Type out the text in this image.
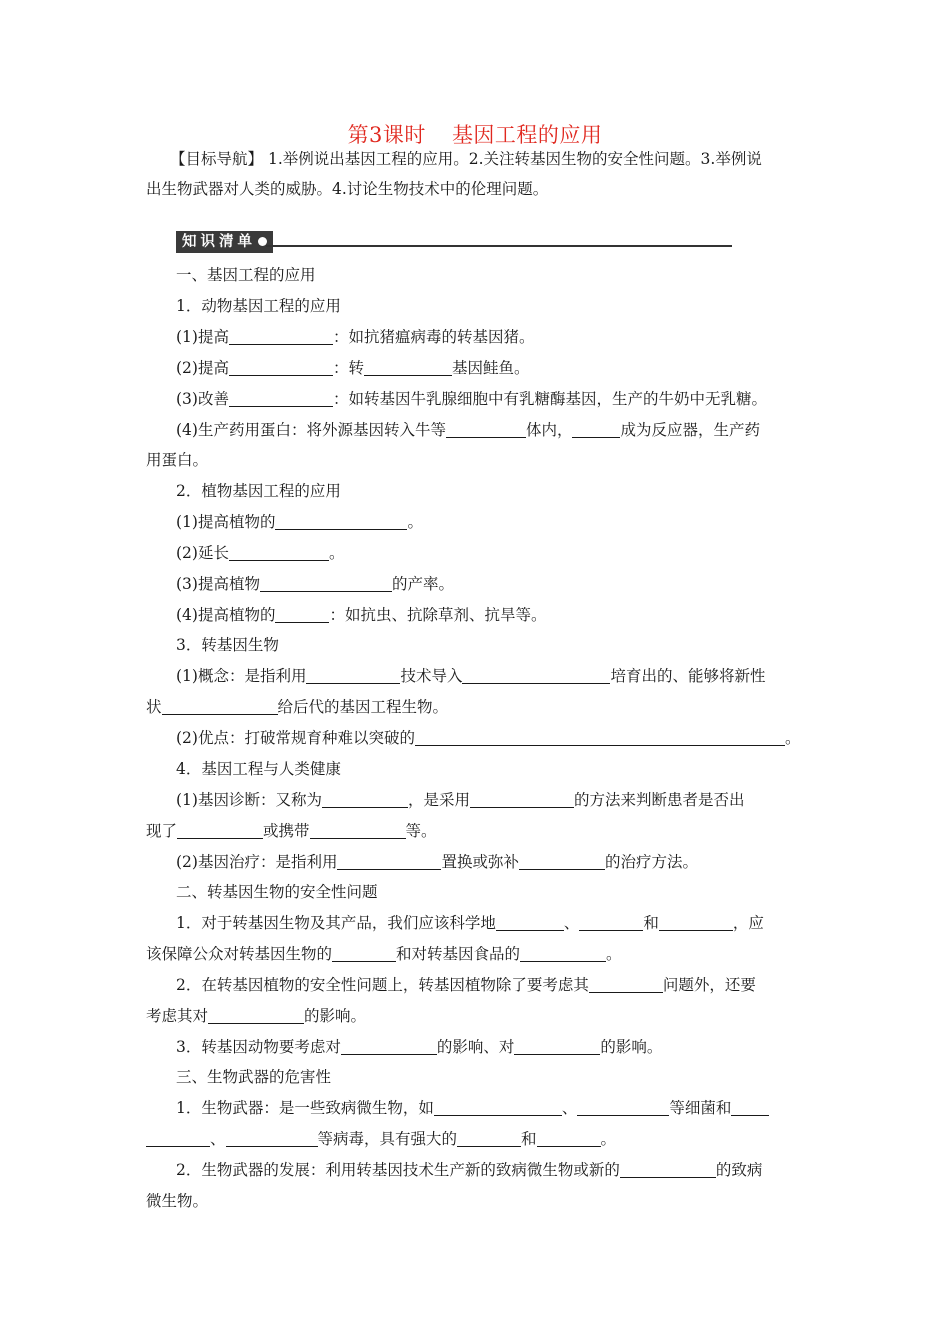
第3课时 基因工程的应用
【目标导航】 1.举例说出基因工程的应用。2.关注转基因生物的安全性问题。3.举例说
出生物武器对人类的威胁。4.讨论生物技术中的伦理问题。
知识清单
一、基因工程的应用
1．动物基因工程的应用
(1)提高	：如抗猪瘟病毒的转基因猪。
(2)提高	：转	基因鲑鱼。
(3)改善	：如转基因牛乳腺细胞中有乳糖酶基因，生产的牛奶中无乳糖。
(4)生产药用蛋白：将外源基因转入牛等	体内，	成为反应器，生产药
用蛋白。
2．植物基因工程的应用
(1)提高植物的	。
(2)延长	。
(3)提高植物	的产率。
(4)提高植物的	：如抗虫、抗除草剂、抗旱等。
3．转基因生物
(1)概念：是指利用	技术导入	培育出的、能够将新性
状	给后代的基因工程生物。
(2)优点：打破常规育种难以突破的	。
4．基因工程与人类健康
(1)基因诊断：又称为	，是采用	的方法来判断患者是否出
现了	或携带	等。
(2)基因治疗：是指利用	置换或弥补	的治疗方法。
二、转基因生物的安全性问题
1．对于转基因生物及其产品，我们应该科学地	、	和	，应
该保障公众对转基因生物的	和对转基因食品的	。
2．在转基因植物的安全性问题上，转基因植物除了要考虑其	问题外，还要
考虑其对	的影响。
3．转基因动物要考虑对	的影响、对	的影响。
三、生物武器的危害性
1．生物武器：是一些致病微生物，如	、	等细菌和
、	等病毒，具有强大的	和	。
2．生物武器的发展：利用转基因技术生产新的致病微生物或新的	的致病
微生物。
